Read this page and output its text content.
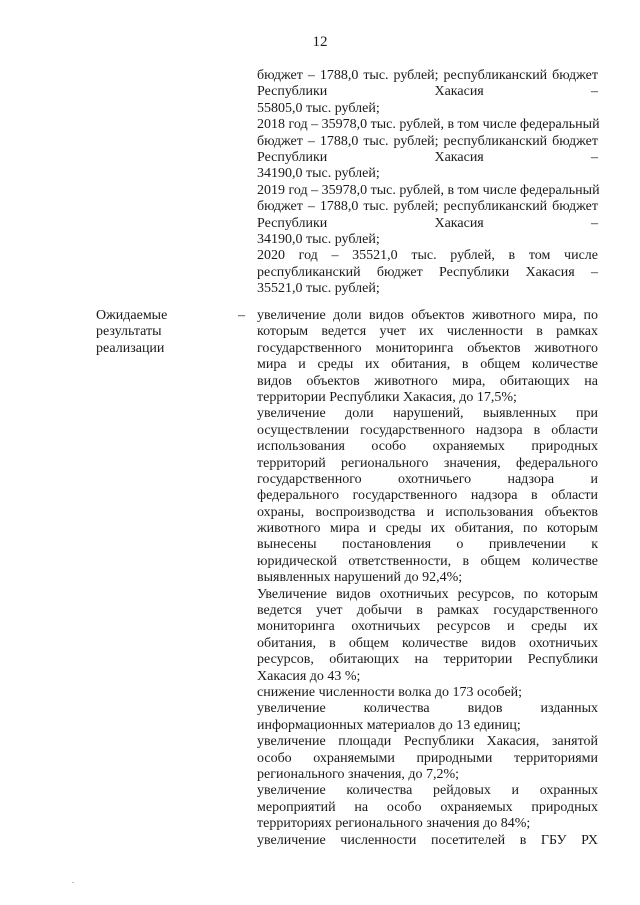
12
бюджет – 1788,0 тыс. рублей; республиканский бюджет
Республики Хакасия –
55805,0 тыс. рублей;
2018 год – 35978,0 тыс. рублей, в том числе федеральный
бюджет – 1788,0 тыс. рублей; республиканский бюджет
Республики Хакасия –
34190,0 тыс. рублей;
2019 год – 35978,0 тыс. рублей, в том числе федеральный
бюджет – 1788,0 тыс. рублей; республиканский бюджет
Республики Хакасия –
34190,0 тыс. рублей;
2020 год – 35521,0 тыс. рублей, в том числе
республиканский бюджет Республики Хакасия –
35521,0 тыс. рублей;
Ожидаемые
результаты
реализации
– увеличение доли видов объектов животного мира, по
которым ведется учет их численности в рамках
государственного мониторинга объектов животного
мира и среды их обитания, в общем количестве
видов объектов животного мира, обитающих на
территории Республики Хакасия, до 17,5%;
увеличение доли нарушений, выявленных при
осуществлении государственного надзора в области
использования особо охраняемых природных
территорий регионального значения, федерального
государственного охотничьего надзора и
федерального государственного надзора в области
охраны, воспроизводства и использования объектов
животного мира и среды их обитания, по которым
вынесены постановления о привлечении к
юридической ответственности, в общем количестве
выявленных нарушений до 92,4%;
Увеличение видов охотничьих ресурсов, по которым
ведется учет добычи в рамках государственного
мониторинга охотничьих ресурсов и среды их
обитания, в общем количестве видов охотничьих
ресурсов, обитающих на территории Республики
Хакасия до 43 %;
снижение численности волка до 173 особей;
увеличение количества видов изданных
информационных материалов до 13 единиц;
увеличение площади Республики Хакасия, занятой
особо охраняемыми природными территориями
регионального значения, до 7,2%;
увеличение количества рейдовых и охранных
мероприятий на особо охраняемых природных
территориях регионального значения до 84%;
увеличение численности посетителей в ГБУ РХ
